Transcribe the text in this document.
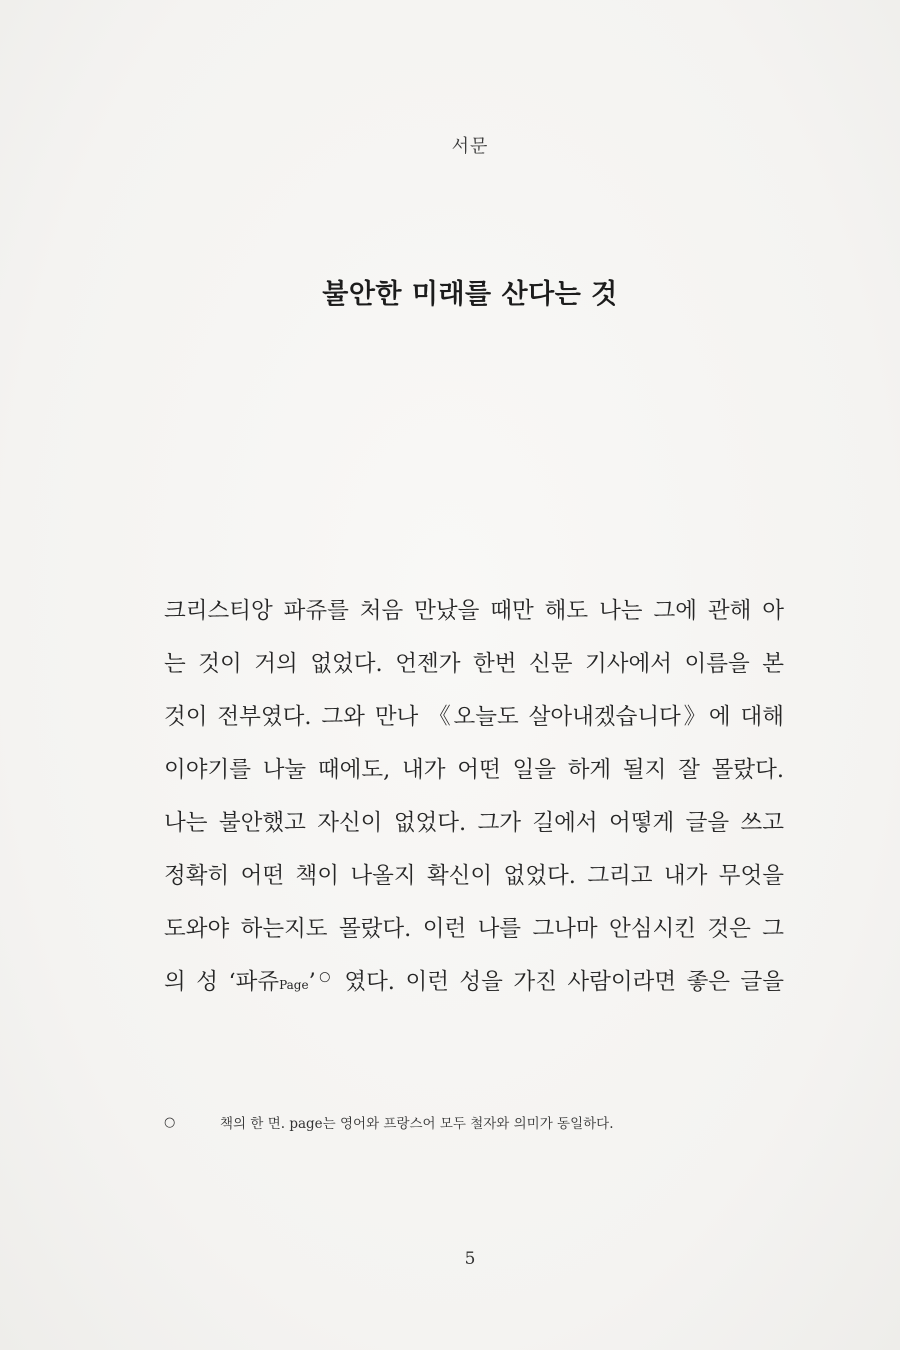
서문
불안한 미래를 산다는 것
크리스티앙 파쥬를 처음 만났을 때만 해도 나는 그에 관해 아
는 것이 거의 없었다. 언젠가 한번 신문 기사에서 이름을 본
것이 전부였다. 그와 만나 《오늘도 살아내겠습니다》에 대해
이야기를 나눌 때에도, 내가 어떤 일을 하게 될지 잘 몰랐다.
나는 불안했고 자신이 없었다. 그가 길에서 어떻게 글을 쓰고
정확히 어떤 책이 나올지 확신이 없었다. 그리고 내가 무엇을
도와야 하는지도 몰랐다. 이런 나를 그나마 안심시킨 것은 그
의 성 ‘파쥬Page’○ 였다. 이런 성을 가진 사람이라면 좋은 글을
○	책의 한 면. page는 영어와 프랑스어 모두 철자와 의미가 동일하다.
5
